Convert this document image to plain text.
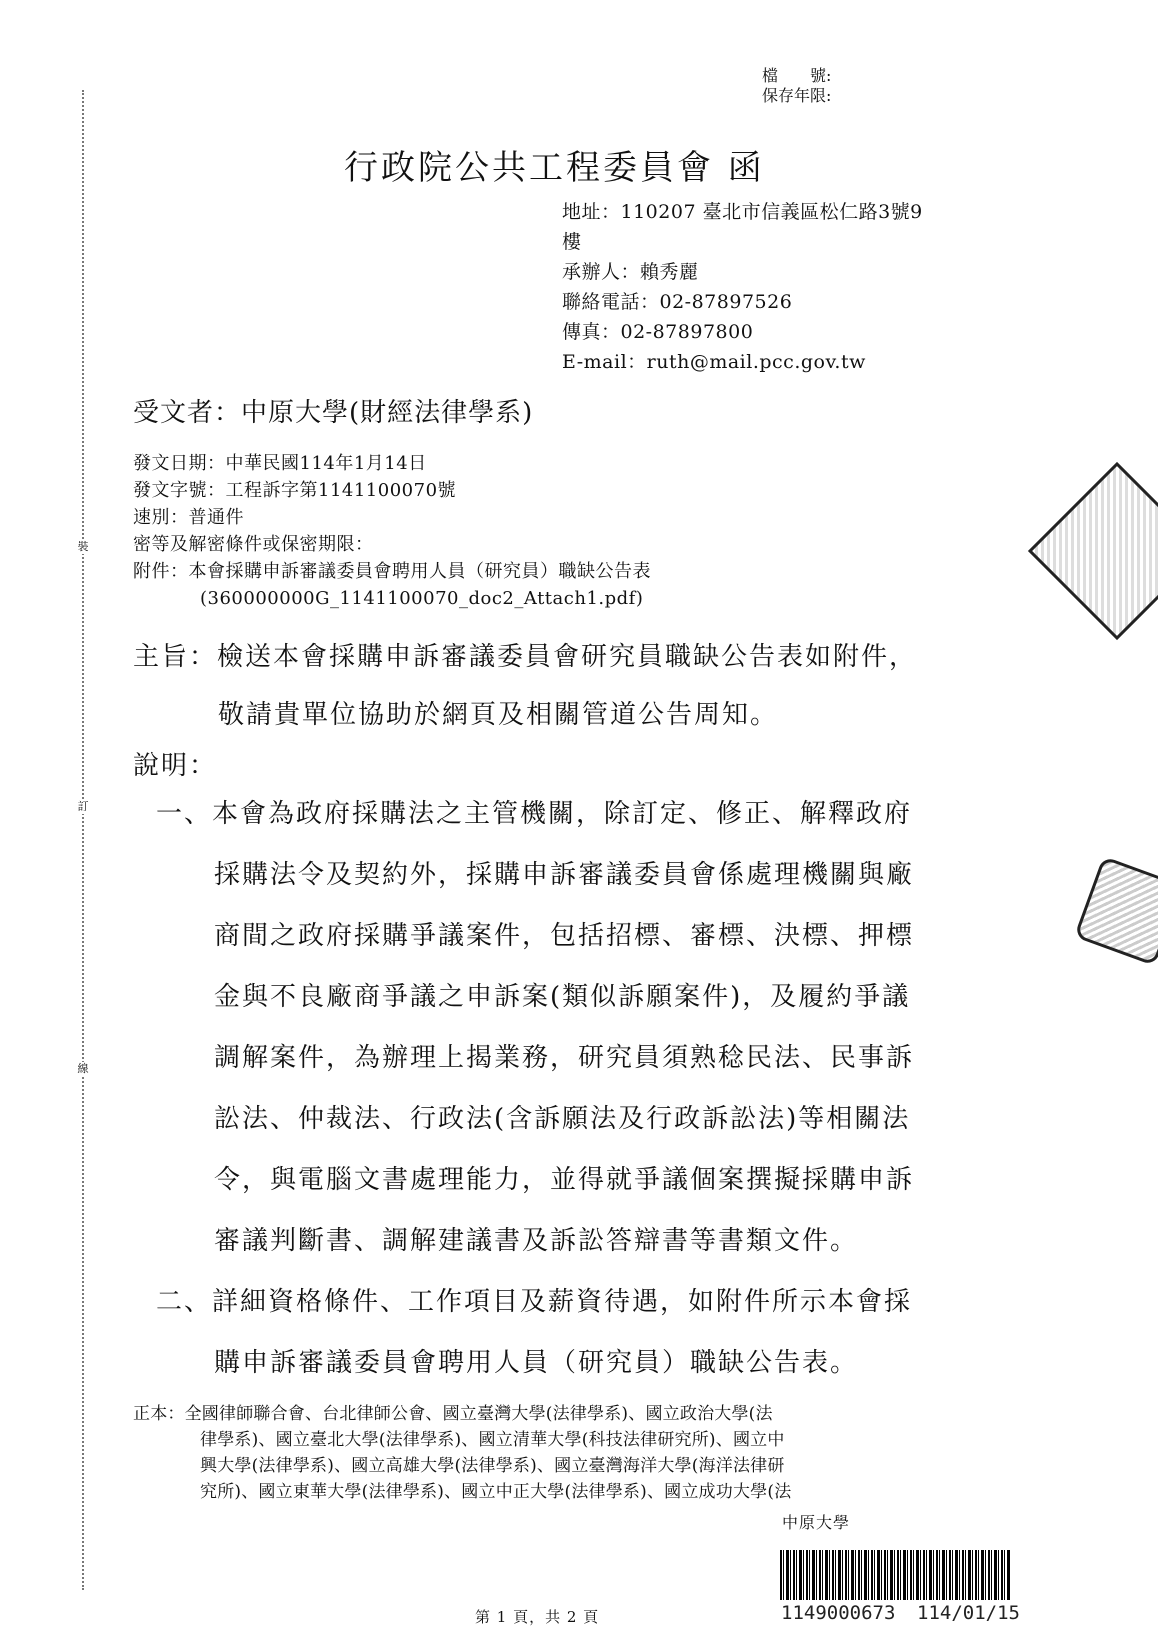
裝
訂
線
檔　　號:
保存年限:
行政院公共工程委員會 函
地址：110207 臺北市信義區松仁路3號9
樓
承辦人：賴秀麗
聯絡電話：02-87897526
傳真：02-87897800
E-mail：ruth@mail.pcc.gov.tw
受文者：中原大學(財經法律學系)
發文日期：中華民國114年1月14日
發文字號：工程訴字第1141100070號
速別：普通件
密等及解密條件或保密期限：
附件：本會採購申訴審議委員會聘用人員（研究員）職缺公告表
(360000000G_1141100070_doc2_Attach1.pdf)
主旨：檢送本會採購申訴審議委員會研究員職缺公告表如附件，
敬請貴單位協助於網頁及相關管道公告周知。
說明：
一、本會為政府採購法之主管機關，除訂定、修正、解釋政府
採購法令及契約外，採購申訴審議委員會係處理機關與廠
商間之政府採購爭議案件，包括招標、審標、決標、押標
金與不良廠商爭議之申訴案(類似訴願案件)，及履約爭議
調解案件，為辦理上揭業務，研究員須熟稔民法、民事訴
訟法、仲裁法、行政法(含訴願法及行政訴訟法)等相關法
令，與電腦文書處理能力，並得就爭議個案撰擬採購申訴
審議判斷書、調解建議書及訴訟答辯書等書類文件。
二、詳細資格條件、工作項目及薪資待遇，如附件所示本會採
購申訴審議委員會聘用人員（研究員）職缺公告表。
正本：全國律師聯合會、台北律師公會、國立臺灣大學(法律學系)、國立政治大學(法
律學系)、國立臺北大學(法律學系)、國立清華大學(科技法律研究所)、國立中
興大學(法律學系)、國立高雄大學(法律學系)、國立臺灣海洋大學(海洋法律研
究所)、國立東華大學(法律學系)、國立中正大學(法律學系)、國立成功大學(法
中原大學
1149000673 114/01/15
第 1 頁，共 2 頁
